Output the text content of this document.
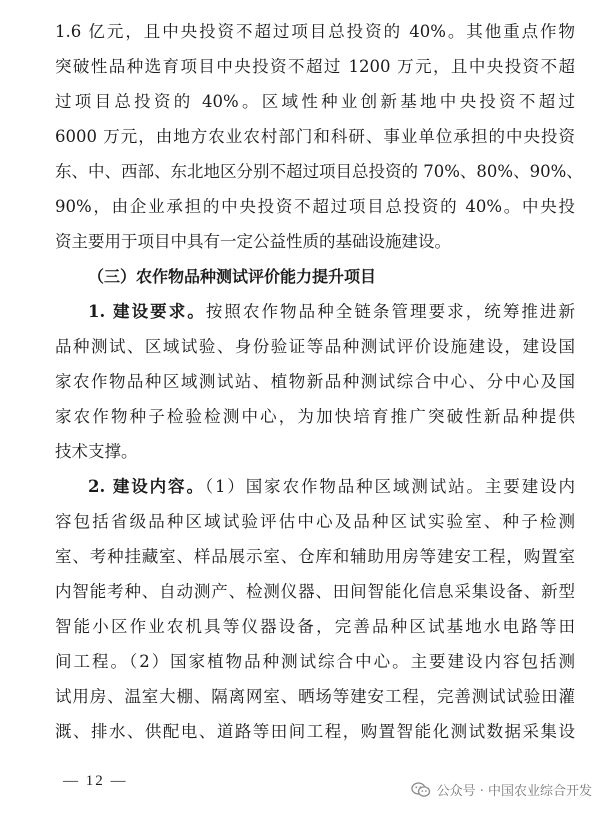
1.6 亿元，且中央投资不超过项目总投资的 40%。其他重点作物
突破性品种选育项目中央投资不超过 1200 万元，且中央投资不超
过项目总投资的 40%。区域性种业创新基地中央投资不超过
6000 万元，由地方农业农村部门和科研、事业单位承担的中央投资
东、中、西部、东北地区分别不超过项目总投资的 70%、80%、90%、
90%，由企业承担的中央投资不超过项目总投资的 40%。中央投
资主要用于项目中具有一定公益性质的基础设施建设。
（三）农作物品种测试评价能力提升项目
1. 建设要求。按照农作物品种全链条管理要求，统筹推进新
品种测试、区域试验、身份验证等品种测试评价设施建设，建设国
家农作物品种区域测试站、植物新品种测试综合中心、分中心及国
家农作物种子检验检测中心，为加快培育推广突破性新品种提供
技术支撑。
2. 建设内容。（1）国家农作物品种区域测试站。主要建设内
容包括省级品种区域试验评估中心及品种区试实验室、种子检测
室、考种挂藏室、样品展示室、仓库和辅助用房等建安工程，购置室
内智能考种、自动测产、检测仪器、田间智能化信息采集设备、新型
智能小区作业农机具等仪器设备，完善品种区试基地水电路等田
间工程。（2）国家植物品种测试综合中心。主要建设内容包括测
试用房、温室大棚、隔离网室、晒场等建安工程，完善测试试验田灌
溉、排水、供配电、道路等田间工程，购置智能化测试数据采集设
— 12 —
公众号 · 中国农业综合开发
